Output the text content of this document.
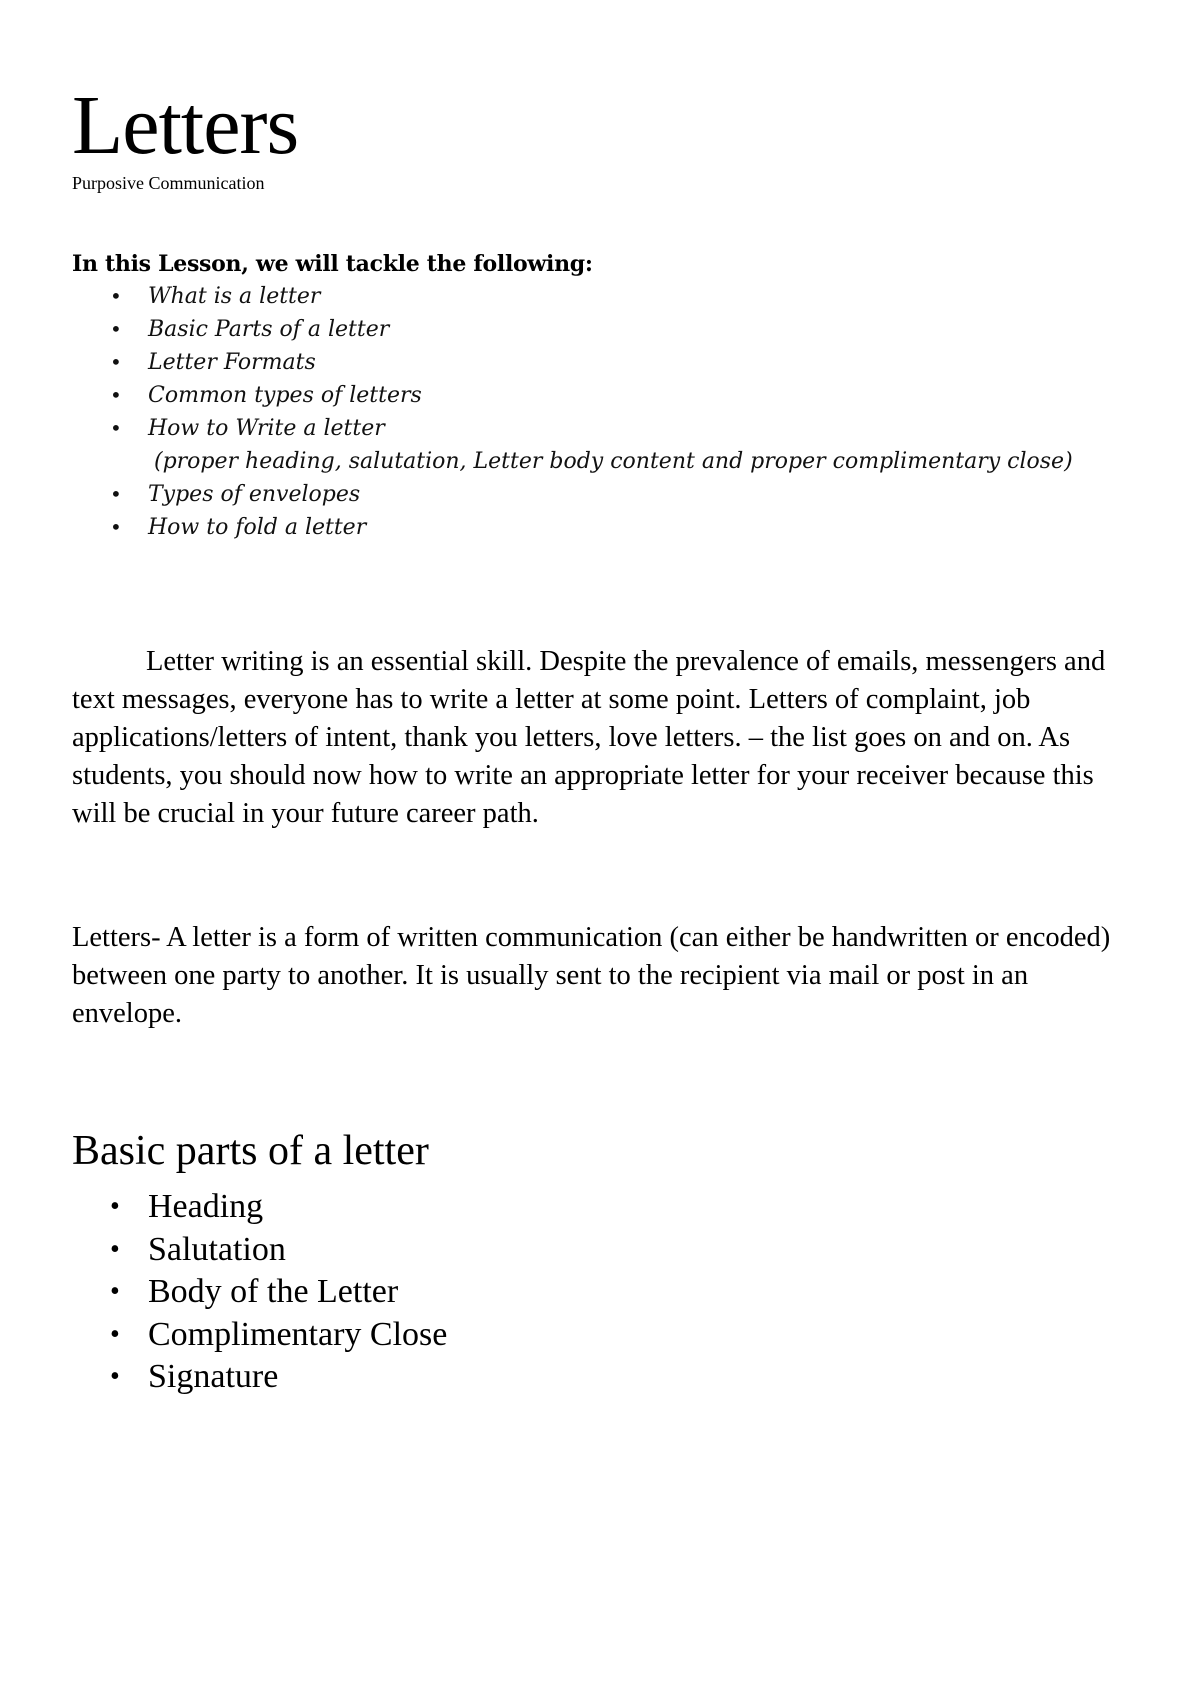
Letters
Purposive Communication
In this Lesson, we will tackle the following:
• What is a letter
• Basic Parts of a letter
• Letter Formats
• Common types of letters
• How to Write a letter
(proper heading, salutation, Letter body content and proper complimentary close)
• Types of envelopes
• How to fold a letter

Letter writing is an essential skill. Despite the prevalence of emails, messengers and text messages, everyone has to write a letter at some point. Letters of complaint, job applications/letters of intent, thank you letters, love letters. – the list goes on and on. As students, you should now how to write an appropriate letter for your receiver because this will be crucial in your future career path.

Letters- A letter is a form of written communication (can either be handwritten or encoded) between one party to another. It is usually sent to the recipient via mail or post in an envelope.

Basic parts of a letter
• Heading
• Salutation
• Body of the Letter
• Complimentary Close
• Signature
